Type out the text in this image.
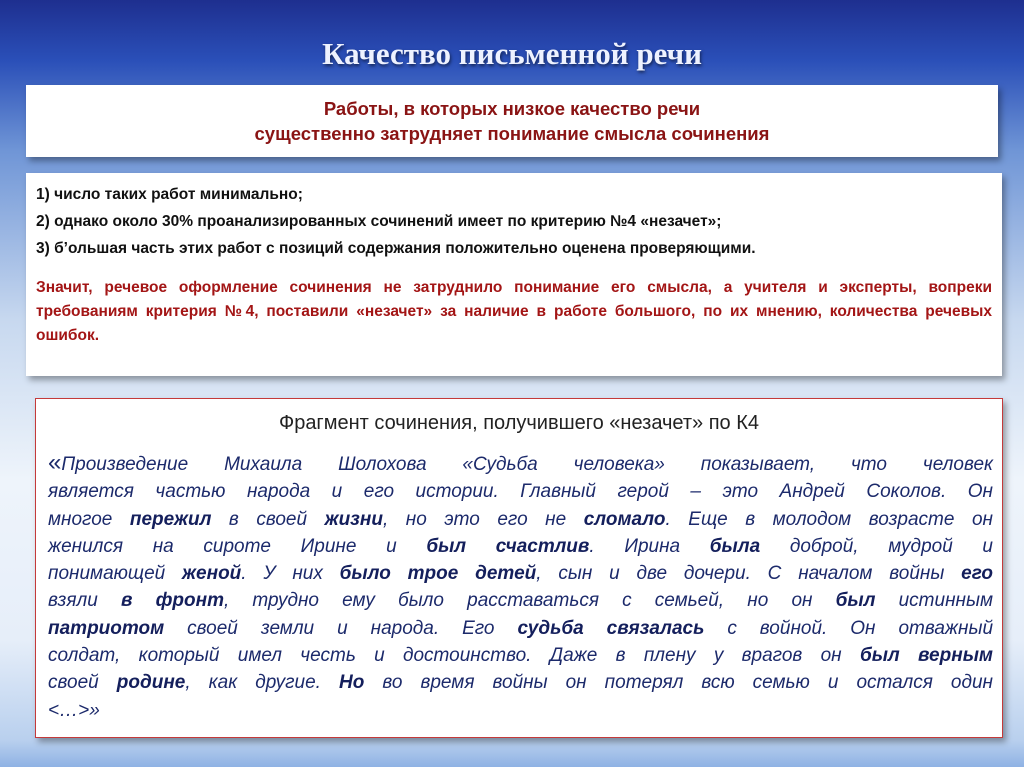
Качество письменной речи
Работы, в которых низкое качество речи
существенно затрудняет понимание смысла сочинения
1) число таких работ минимально;
2) однако около 30% проанализированных сочинений имеет по критерию №4 «незачет»;
3) б’ольшая часть этих работ с позиций содержания положительно оценена проверяющими.
Значит, речевое оформление сочинения не затруднило понимание его смысла, а учителя и эксперты, вопреки требованиям критерия №4, поставили «незачет» за наличие в работе большого, по их мнению, количества речевых ошибок.
Фрагмент сочинения, получившего «незачет» по К4
«Произведение Михаила Шолохова «Судьба человека» показывает, что человек
является частью народа и его истории. Главный герой – это Андрей Соколов. Он
многое пережил в своей жизни, но это его не сломало. Еще в молодом возрасте он
женился на сироте Ирине и был счастлив. Ирина была доброй, мудрой и
понимающей женой. У них было трое детей, сын и две дочери. С началом войны его
взяли в фронт, трудно ему было расставаться с семьей, но он был истинным
патриотом своей земли и народа. Его судьба связалась с войной. Он отважный
солдат, который имел честь и достоинство. Даже в плену у врагов он был верным
своей родине, как другие. Но во время войны он потерял всю семью и остался один
<…>»
